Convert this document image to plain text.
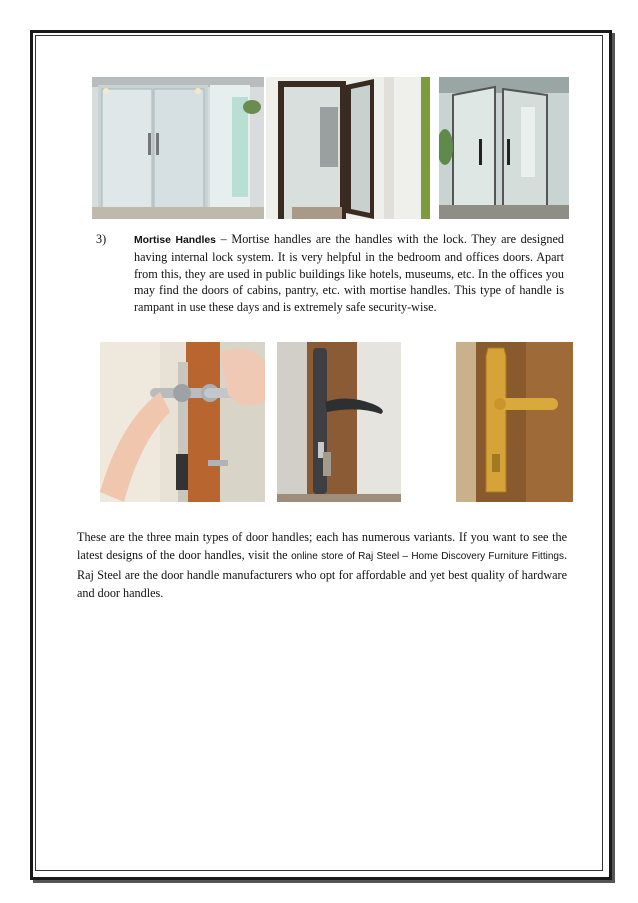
3)	Mortise Handles – Mortise handles are the handles with the lock. They are designed having internal lock system. It is very helpful in the bedroom and offices doors. Apart from this, they are used in public buildings like hotels, museums, etc. In the offices you may find the doors of cabins, pantry, etc. with mortise handles. This type of handle is rampant in use these days and is extremely safe security-wise.
These are the three main types of door handles; each has numerous variants. If you want to see the latest designs of the door handles, visit the online store of Raj Steel – Home Discovery Furniture Fittings. Raj Steel are the door handle manufacturers who opt for affordable and yet best quality of hardware and door handles.
